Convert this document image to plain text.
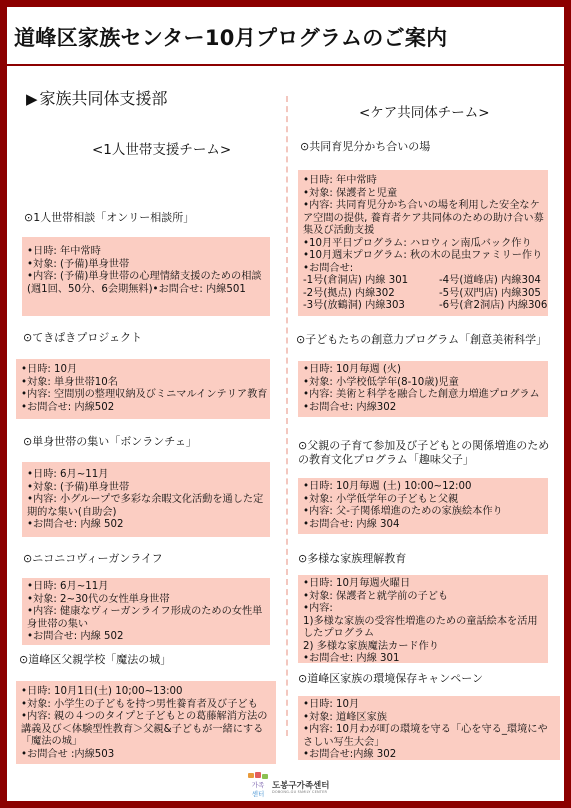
道峰区家族センター10月プログラムのご案内
▶ 家族共同体支援部
<1人世帯支援チーム>
<ケア共同体チーム>
⊙1人世帯相談「オンリー相談所」
•日時: 年中常時
•対象: (予備)単身世帯
•内容: (予備)単身世帯の心理情緒支援のための相談(週1回、50分、6会期無料)•お問合せ: 内線501
⊙てきぱきプロジェクト
•日時: 10月
•対象: 単身世帯10名
•内容: 空間別の整理収納及びミニマルインテリア教育
•お問合せ: 内線502
⊙単身世帯の集い「ボンランチェ」
•日時: 6月~11月
•対象: (予備)単身世帯
•内容: 小グループで多彩な余暇文化活動を通した定期的な集い(自助会)
•お問合せ: 内線 502
⊙ニコニコヴィーガンライフ
•日時: 6月~11月
•対象: 2~30代の女性単身世帯
•内容: 健康なヴィーガンライフ形成のための女性単身世帯の集い
•お問合せ: 内線 502
⊙道峰区父親学校「魔法の城」
•日時: 10月1日(土) 10;00~13:00
•対象: 小学生の子どもを持つ男性養育者及び子ども
•内容: 親の４つのタイプと子どもとの葛藤解消方法の講義及び＜体験型性教育＞父親&子どもが一緒にする「魔法の城」
•お問合せ :内線503
⊙共同育児分かち合いの場
•日時: 年中常時
•対象: 保護者と児童
•内容: 共同育児分かち合いの場を利用した安全なケア空間の提供, 養育者ケア共同体のための助け合い募集及び活動支援
•10月平日プログラム: ハロウィン南瓜バック作り
•10月週末プログラム: 秋の木の昆虫ファミリー作り
•お問合せ:
-1号(倉洞店) 内線 301	-4号(道峰店) 内線304
-2号(拠点) 内線302	-5号(双門店) 内線305
-3号(放鶴洞) 内線303	-6号(倉2洞店) 内線306
⊙子どもたちの創意力プログラム「創意美術科学」
•日時: 10月毎週 (火)
•対象: 小学校低学年(8-10歳)児童
•内容: 美術と科学を融合した創意力増進プログラム
•お問合せ: 内線302
⊙父親の子育て参加及び子どもとの関係増進のための教育文化プログラム「趣味父子」
•日時: 10月毎週 (土) 10:00~12:00
•対象: 小学低学年の子どもと父親
•内容: 父-子関係増進のための家族絵本作り
•お問合せ: 内線 304
⊙多様な家族理解教育
•日時: 10月毎週火曜日
•対象: 保護者と就学前の子ども
•内容:
1)多様な家族の受容性増進のための童話絵本を活用したプログラム
2) 多様な家族魔法カード作り
•お問合せ: 内線 301
⊙道峰区家族の環境保存キャンペーン
•日時: 10月
•対象: 道峰区家族
•内容: 10月わが町の環境を守る「心を守る_環境にやさしい写生大会」
•お問合せ:内線 302
가족
센터
도봉구가족센터
DOBONG-GU FAMILY CENTER
